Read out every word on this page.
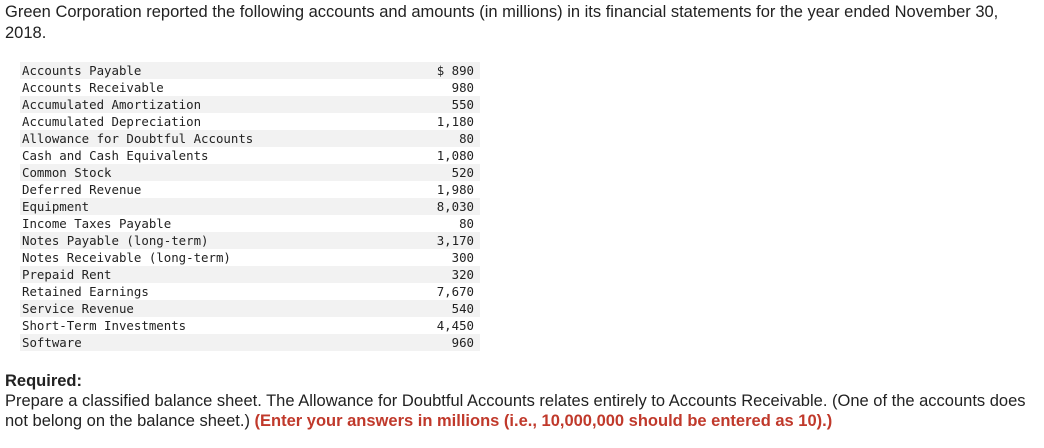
Green Corporation reported the following accounts and amounts (in millions) in its financial statements for the year ended November 30, 2018.

Accounts Payable	$ 890
Accounts Receivable	980
Accumulated Amortization	550
Accumulated Depreciation	1,180
Allowance for Doubtful Accounts	80
Cash and Cash Equivalents	1,080
Common Stock	520
Deferred Revenue	1,980
Equipment	8,030
Income Taxes Payable	80
Notes Payable (long-term)	3,170
Notes Receivable (long-term)	300
Prepaid Rent	320
Retained Earnings	7,670
Service Revenue	540
Short-Term Investments	4,450
Software	960
Required:
Prepare a classified balance sheet. The Allowance for Doubtful Accounts relates entirely to Accounts Receivable. (One of the accounts does not belong on the balance sheet.) (Enter your answers in millions (i.e., 10,000,000 should be entered as 10).)
